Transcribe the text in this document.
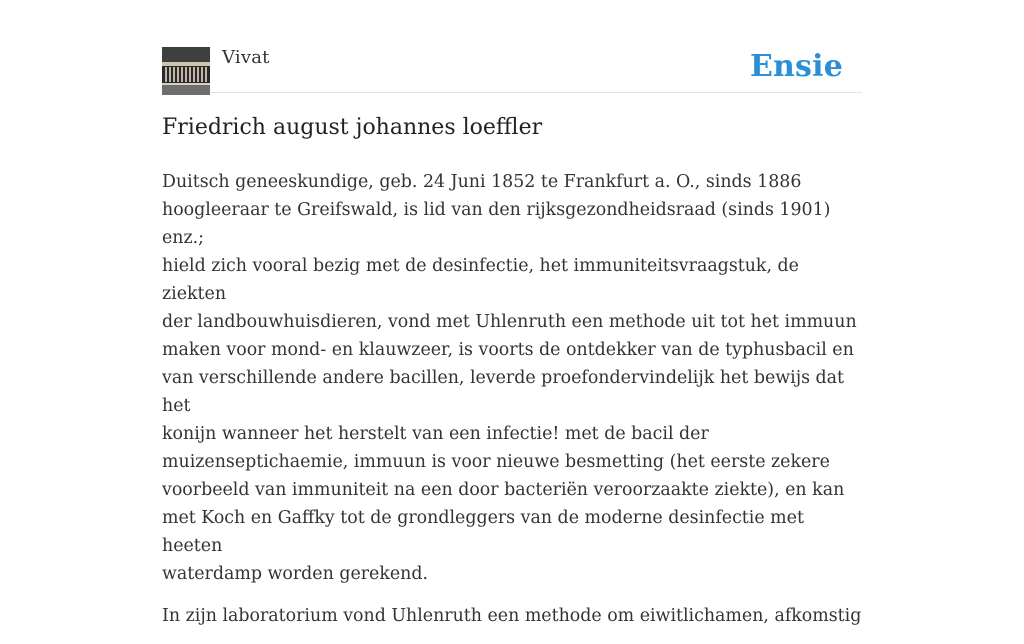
Vivat	Ensie
Friedrich august johannes loeffler

Duitsch geneeskundige, geb. 24 Juni 1852 te Frankfurt a. O., sinds 1886
hoogleeraar te Greifswald, is lid van den rijksgezondheidsraad (sinds 1901) enz.;
hield zich vooral bezig met de desinfectie, het immuniteitsvraagstuk, de ziekten
der landbouwhuisdieren, vond met Uhlenruth een methode uit tot het immuun
maken voor mond- en klauwzeer, is voorts de ontdekker van de typhusbacil en
van verschillende andere bacillen, leverde proefondervindelijk het bewijs dat het
konijn wanneer het herstelt van een infectie! met de bacil der
muizenseptichaemie, immuun is voor nieuwe besmetting (het eerste zekere
voorbeeld van immuniteit na een door bacteriën veroorzaakte ziekte), en kan
met Koch en Gaffky tot de grondleggers van de moderne desinfectie met heeten
waterdamp worden gerekend.

In zijn laboratorium vond Uhlenruth een methode om eiwitlichamen, afkomstig
